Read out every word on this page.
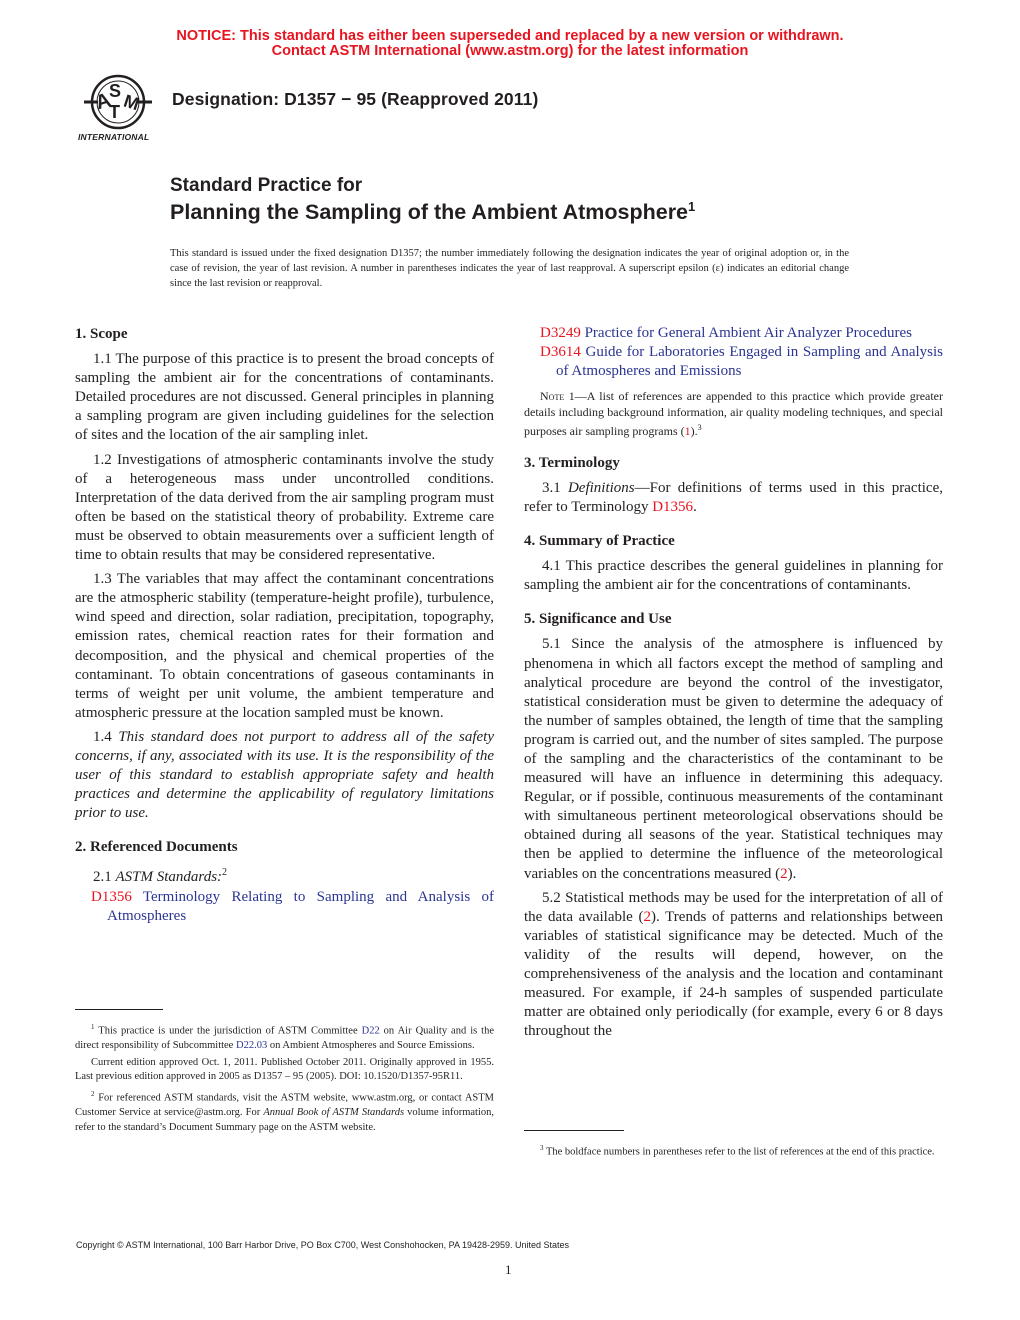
NOTICE: This standard has either been superseded and replaced by a new version or withdrawn.
Contact ASTM International (www.astm.org) for the latest information
A
S
T M
INTERNATIONAL
Designation: D1357 − 95 (Reapproved 2011)
Standard Practice for
Planning the Sampling of the Ambient Atmosphere$^1$
This standard is issued under the fixed designation D1357; the number immediately following the designation indicates the year of original adoption or, in the case of revision, the year of last revision. A number in parentheses indicates the year of last reapproval. A superscript epsilon (ε) indicates an editorial change since the last revision or reapproval.
1. Scope

1.1 The purpose of this practice is to present the broad concepts of sampling the ambient air for the concentrations of contaminants. Detailed procedures are not discussed. General principles in planning a sampling program are given including guidelines for the selection of sites and the location of the air sampling inlet.

1.2 Investigations of atmospheric contaminants involve the study of a heterogeneous mass under uncontrolled conditions. Interpretation of the data derived from the air sampling program must often be based on the statistical theory of probability. Extreme care must be observed to obtain measurements over a sufficient length of time to obtain results that may be considered representative.

1.3 The variables that may affect the contaminant concentrations are the atmospheric stability (temperature-height profile), turbulence, wind speed and direction, solar radiation, precipitation, topography, emission rates, chemical reaction rates for their formation and decomposition, and the physical and chemical properties of the contaminant. To obtain concentrations of gaseous contaminants in terms of weight per unit volume, the ambient temperature and atmospheric pressure at the location sampled must be known.

1.4 This standard does not purport to address all of the safety concerns, if any, associated with its use. It is the responsibility of the user of this standard to establish appropriate safety and health practices and determine the applicability of regulatory limitations prior to use.

2. Referenced Documents

2.1 ASTM Standards:$^2$

D1356 Terminology Relating to Sampling and Analysis of Atmospheres

$^1$ This practice is under the jurisdiction of ASTM Committee D22 on Air Quality and is the direct responsibility of Subcommittee D22.03 on Ambient Atmospheres and Source Emissions.

Current edition approved Oct. 1, 2011. Published October 2011. Originally approved in 1955. Last previous edition approved in 2005 as D1357 – 95 (2005). DOI: 10.1520/D1357-95R11.

$^2$ For referenced ASTM standards, visit the ASTM website, www.astm.org, or contact ASTM Customer Service at service@astm.org. For Annual Book of ASTM Standards volume information, refer to the standard’s Document Summary page on the ASTM website.

D3249 Practice for General Ambient Air Analyzer Procedures

D3614 Guide for Laboratories Engaged in Sampling and Analysis of Atmospheres and Emissions

Note 1—A list of references are appended to this practice which provide greater details including background information, air quality modeling techniques, and special purposes air sampling programs (1).$^3$

3. Terminology

3.1 Definitions—For definitions of terms used in this practice, refer to Terminology D1356.

4. Summary of Practice

4.1 This practice describes the general guidelines in planning for sampling the ambient air for the concentrations of contaminants.

5. Significance and Use

5.1 Since the analysis of the atmosphere is influenced by phenomena in which all factors except the method of sampling and analytical procedure are beyond the control of the investigator, statistical consideration must be given to determine the adequacy of the number of samples obtained, the length of time that the sampling program is carried out, and the number of sites sampled. The purpose of the sampling and the characteristics of the contaminant to be measured will have an influence in determining this adequacy. Regular, or if possible, continuous measurements of the contaminant with simultaneous pertinent meteorological observations should be obtained during all seasons of the year. Statistical techniques may then be applied to determine the influence of the meteorological variables on the concentrations measured (2).

5.2 Statistical methods may be used for the interpretation of all of the data available (2). Trends of patterns and relationships between variables of statistical significance may be detected. Much of the validity of the results will depend, however, on the comprehensiveness of the analysis and the location and contaminant measured. For example, if 24-h samples of suspended particulate matter are obtained only periodically (for example, every 6 or 8 days throughout the

$^3$ The boldface numbers in parentheses refer to the list of references at the end of this practice.

Copyright © ASTM International, 100 Barr Harbor Drive, PO Box C700, West Conshohocken, PA 19428-2959. United States
1
